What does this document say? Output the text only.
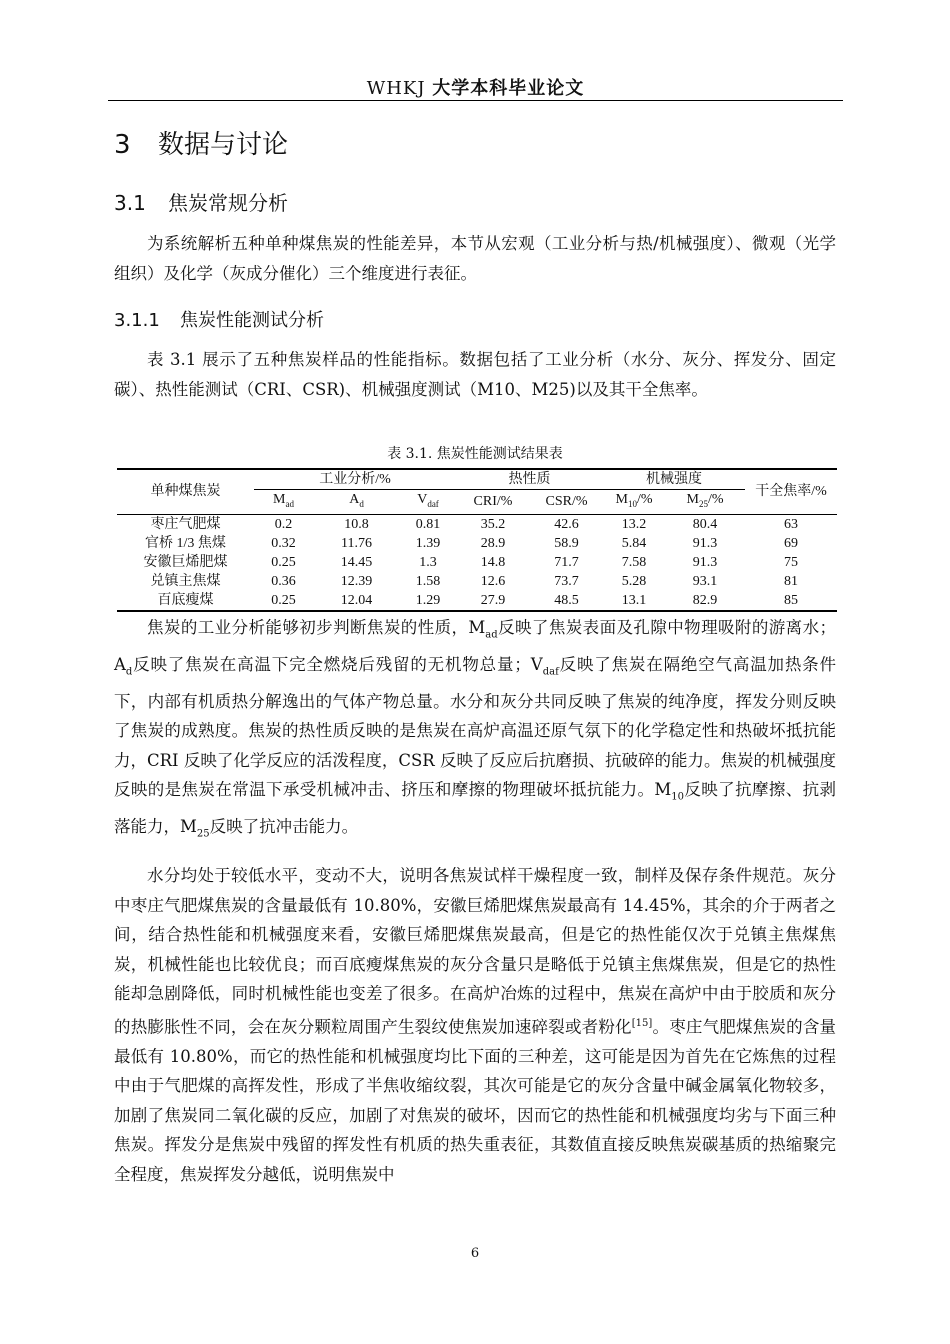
WHKJ 大学本科毕业论文
3 数据与讨论
3.1 焦炭常规分析
为系统解析五种单种煤焦炭的性能差异，本节从宏观（工业分析与热/机械强度）、微观（光学组织）及化学（灰成分催化）三个维度进行表征。
3.1.1 焦炭性能测试分析
表 3.1 展示了五种焦炭样品的性能指标。数据包括了工业分析（水分、灰分、挥发分、固定碳）、热性能测试（CRI、CSR)、机械强度测试（M10、M25)以及其干全焦率。
表 3.1. 焦炭性能测试结果表
单种煤焦炭	工业分析/%			热性质		机械强度		干全焦率/%
	$M_{ad}$	$A_d$	$V_{daf}$	CRI/%	CSR/%	$M_{10}/\%$	$M_{25}/\%$	
枣庄气肥煤	0.2	10.8	0.81	35.2	42.6	13.2	80.4	63
官桥 1/3 焦煤	0.32	11.76	1.39	28.9	58.9	5.84	91.3	69
安徽巨烯肥煤	0.25	14.45	1.3	14.8	71.7	7.58	91.3	75
兑镇主焦煤	0.36	12.39	1.58	12.6	73.7	5.28	93.1	81
百底瘦煤	0.25	12.04	1.29	27.9	48.5	13.1	82.9	85
焦炭的工业分析能够初步判断焦炭的性质，$M_{ad}$反映了焦炭表面及孔隙中物理吸附的游离水；$A_d$反映了焦炭在高温下完全燃烧后残留的无机物总量；$V_{daf}$反映了焦炭在隔绝空气高温加热条件下，内部有机质热分解逸出的气体产物总量。水分和灰分共同反映了焦炭的纯净度，挥发分则反映了焦炭的成熟度。焦炭的热性质反映的是焦炭在高炉高温还原气氛下的化学稳定性和热破坏抵抗能力，CRI 反映了化学反应的活泼程度，CSR 反映了反应后抗磨损、抗破碎的能力。焦炭的机械强度反映的是焦炭在常温下承受机械冲击、挤压和摩擦的物理破坏抵抗能力。$M_{10}$反映了抗摩擦、抗剥落能力，$M_{25}$反映了抗冲击能力。
水分均处于较低水平，变动不大，说明各焦炭试样干燥程度一致，制样及保存条件规范。灰分中枣庄气肥煤焦炭的含量最低有 10.80%，安徽巨烯肥煤焦炭最高有 14.45%，其余的介于两者之间，结合热性能和机械强度来看，安徽巨烯肥煤焦炭最高，但是它的热性能仅次于兑镇主焦煤焦炭，机械性能也比较优良；而百底瘦煤焦炭的灰分含量只是略低于兑镇主焦煤焦炭，但是它的热性能却急剧降低，同时机械性能也变差了很多。在高炉冶炼的过程中，焦炭在高炉中由于胶质和灰分的热膨胀性不同，会在灰分颗粒周围产生裂纹使焦炭加速碎裂或者粉化[15]。枣庄气肥煤焦炭的含量最低有 10.80%，而它的热性能和机械强度均比下面的三种差，这可能是因为首先在它炼焦的过程中由于气肥煤的高挥发性，形成了半焦收缩纹裂，其次可能是它的灰分含量中碱金属氧化物较多，加剧了焦炭同二氧化碳的反应，加剧了对焦炭的破坏，因而它的热性能和机械强度均劣与下面三种焦炭。挥发分是焦炭中残留的挥发性有机质的热失重表征，其数值直接反映焦炭碳基质的热缩聚完全程度，焦炭挥发分越低，说明焦炭中
6
